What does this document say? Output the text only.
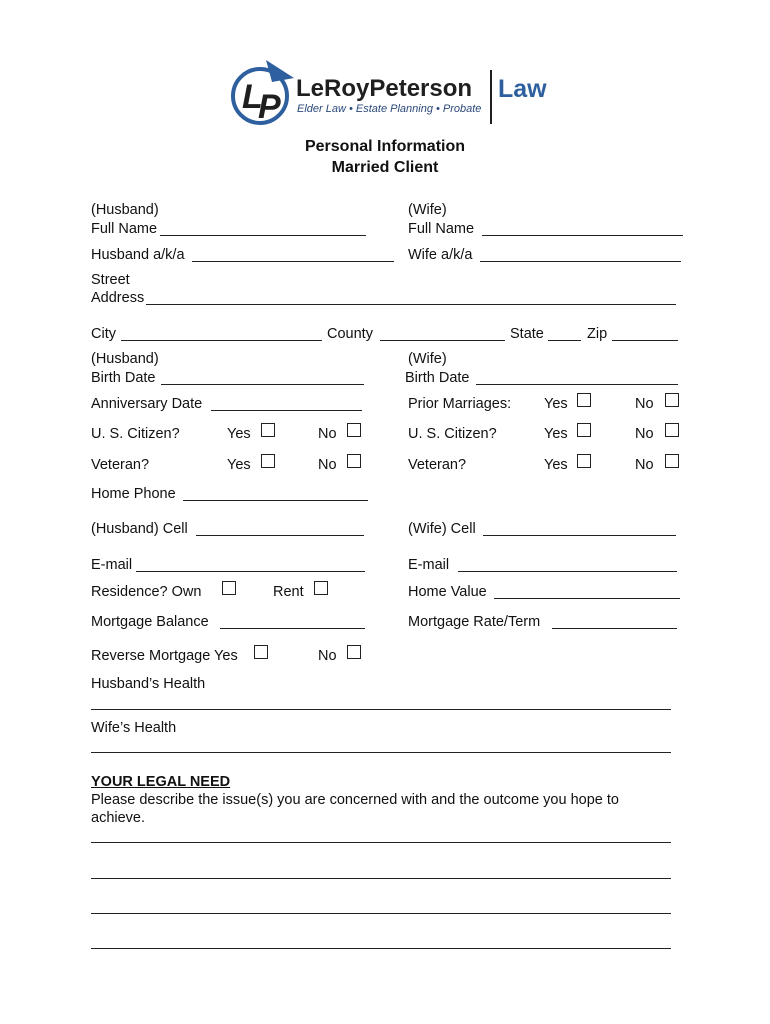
L
P LeRoyPeterson
Elder Law • Estate Planning • Probate
Law
Personal Information
Married Client
(Husband)	(Wife)
Full Name	Full Name
Husband a/k/a	Wife a/k/a
Street
Address
City	County	State	Zip
(Husband)	(Wife)
Birth Date	Birth Date
Anniversary Date	Prior Marriages: Yes	No
U. S. Citizen?	Yes	No	U. S. Citizen?	Yes	No
Veteran?	Yes	No	Veteran?	Yes	No
Home Phone
(Husband) Cell	(Wife) Cell
E-mail	E-mail
Residence? Own	Rent	Home Value
Mortgage Balance	Mortgage Rate/Term
Reverse Mortgage Yes	No
Husband’s Health
Wife’s Health
YOUR LEGAL NEED
Please describe the issue(s) you are concerned with and the outcome you hope to
achieve.
